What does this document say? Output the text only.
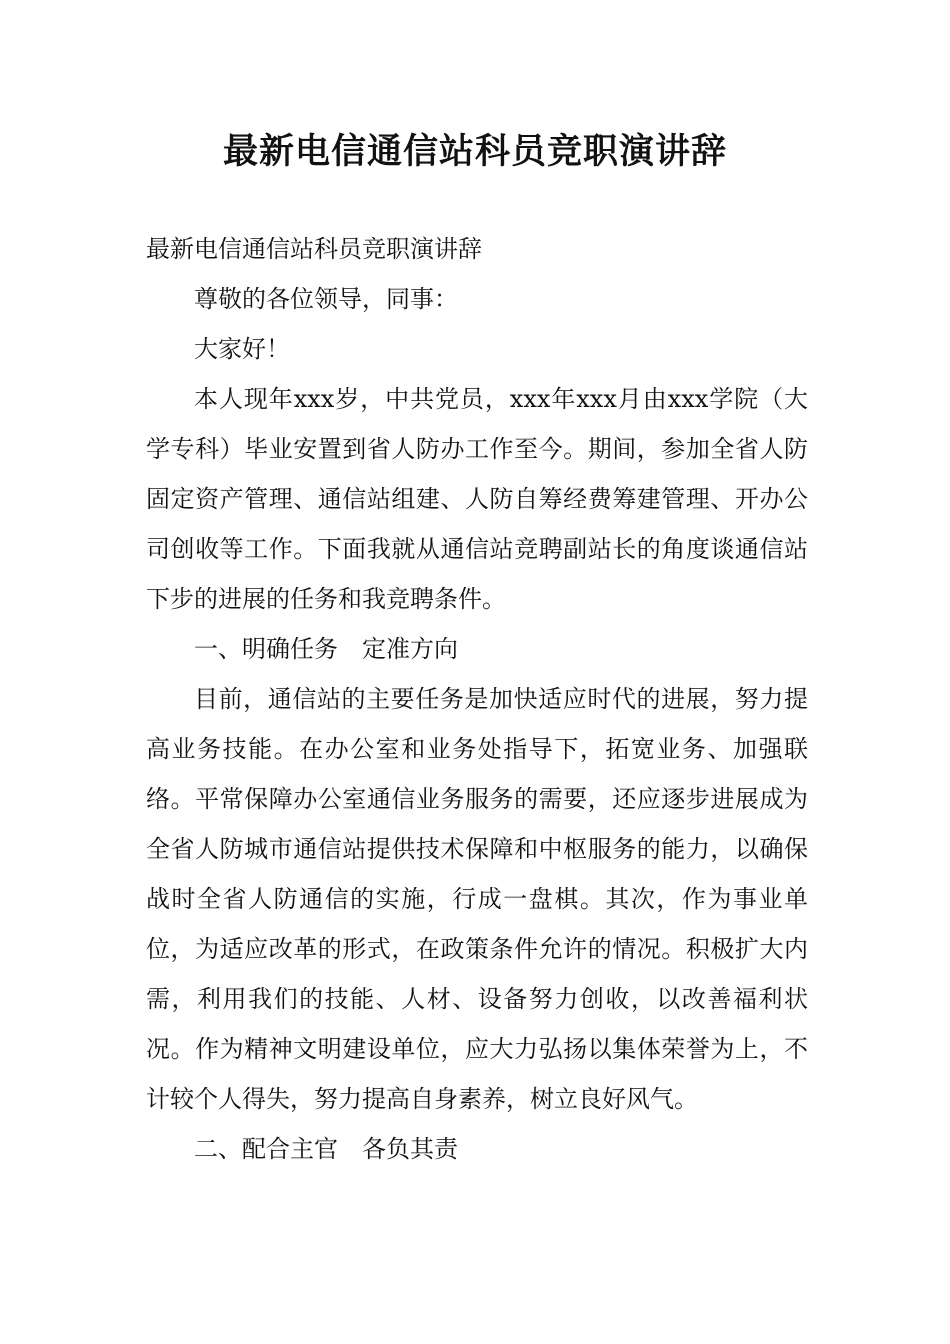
最新电信通信站科员竞职演讲辞

最新电信通信站科员竞职演讲辞

尊敬的各位领导，同事：

大家好！

本人现年xxx岁，中共党员，xxx年xxx月由xxx学院（大学专科）毕业安置到省人防办工作至今。期间，参加全省人防固定资产管理、通信站组建、人防自筹经费筹建管理、开办公司创收等工作。下面我就从通信站竞聘副站长的角度谈通信站下步的进展的任务和我竞聘条件。

一、明确任务　定准方向

目前，通信站的主要任务是加快适应时代的进展，努力提高业务技能。在办公室和业务处指导下，拓宽业务、加强联络。平常保障办公室通信业务服务的需要，还应逐步进展成为全省人防城市通信站提供技术保障和中枢服务的能力，以确保战时全省人防通信的实施，行成一盘棋。其次，作为事业单位，为适应改革的形式，在政策条件允许的情况。积极扩大内需，利用我们的技能、人材、设备努力创收，以改善福利状况。作为精神文明建设单位，应大力弘扬以集体荣誉为上，不计较个人得失，努力提高自身素养，树立良好风气。

二、配合主官　各负其责
